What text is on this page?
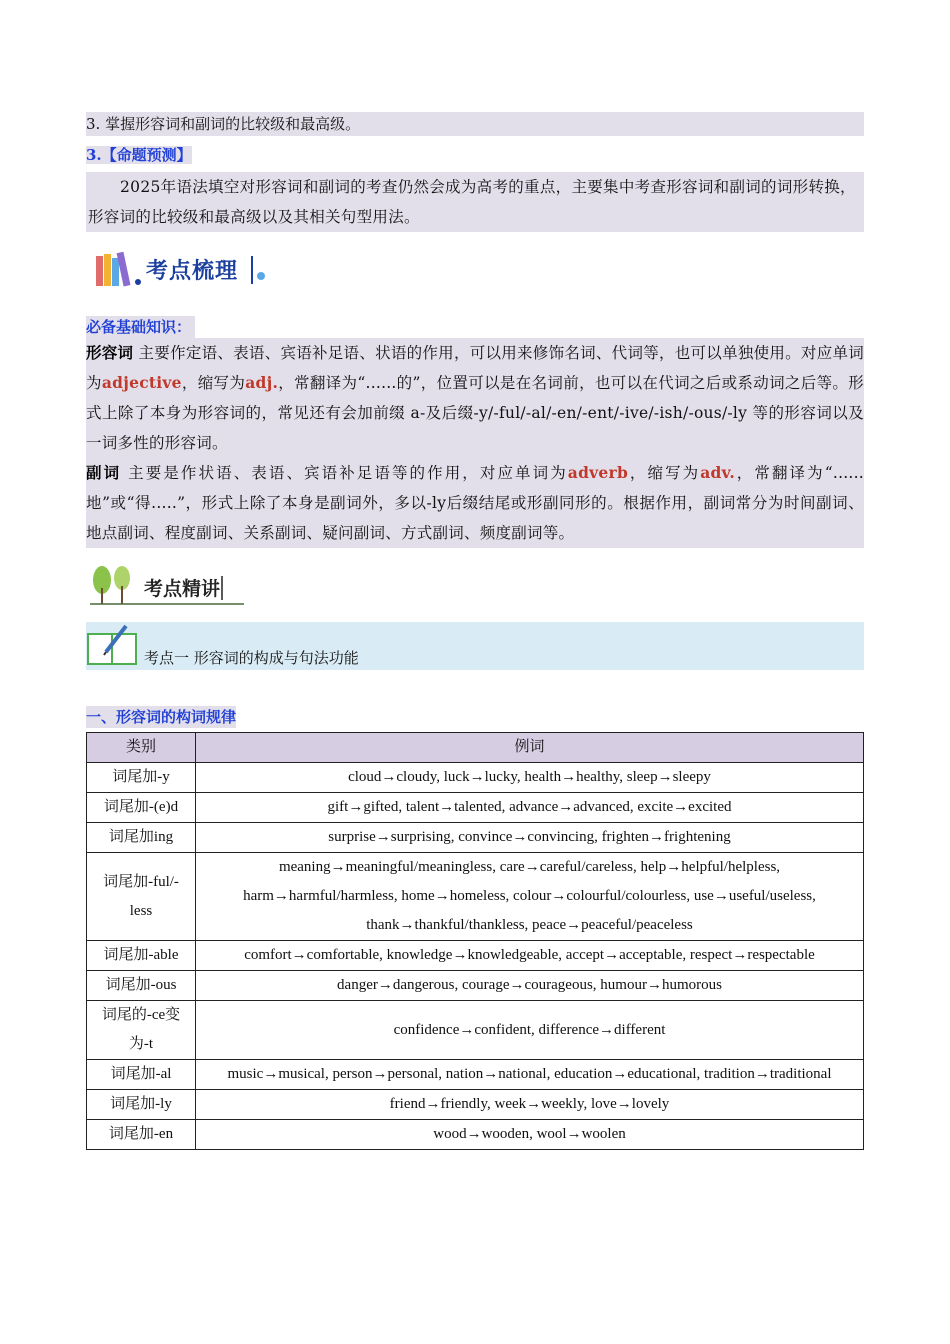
3. 掌握形容词和副词的比较级和最高级。

3.【命题预测】

2025年语法填空对形容词和副词的考查仍然会成为高考的重点，主要集中考查形容词和副词的词形转换，形容词的比较级和最高级以及其相关句型用法。

考点梳理

必备基础知识：

形容词 主要作定语、表语、宾语补足语、状语的作用，可以用来修饰名词、代词等，也可以单独使用。对应单词为adjective，缩写为adj.，常翻译为“......的”，位置可以是在名词前，也可以在代词之后或系动词之后等。形式上除了本身为形容词的，常见还有会加前缀 a-及后缀-y/-ful/-al/-en/-ent/-ive/-ish/-ous/-ly 等的形容词以及一词多性的形容词。

副词 主要是作状语、表语、宾语补足语等的作用，对应单词为adverb，缩写为adv.，常翻译为“......地”或“得.....”，形式上除了本身是副词外，多以-ly后缀结尾或形副同形的。根据作用，副词常分为时间副词、地点副词、程度副词、关系副词、疑问副词、方式副词、频度副词等。

考点精讲
考点一 形容词的构成与句法功能

一、形容词的构词规律

类别	例词
词尾加-y	cloud→cloudy, luck→lucky, health→healthy, sleep→sleepy
词尾加-(e)d	gift→gifted, talent→talented, advance→advanced, excite→excited
词尾加ing	surprise→surprising, convince→convincing, frighten→frightening
词尾加-ful/-less	meaning→meaningful/meaningless, care→careful/careless, help→helpful/helpless, harm→harmful/harmless, home→homeless, colour→colourful/colourless, use→useful/useless, thank→thankful/thankless, peace→peaceful/peaceless
词尾加-able	comfort→comfortable, knowledge→knowledgeable, accept→acceptable, respect→respectable
词尾加-ous	danger→dangerous, courage→courageous, humour→humorous
词尾的-ce变为-t	confidence→confident, difference→different
词尾加-al	music→musical, person→personal, nation→national, education→educational, tradition→traditional
词尾加-ly	friend→friendly, week→weekly, love→lovely
词尾加-en	wood→wooden, wool→woolen
